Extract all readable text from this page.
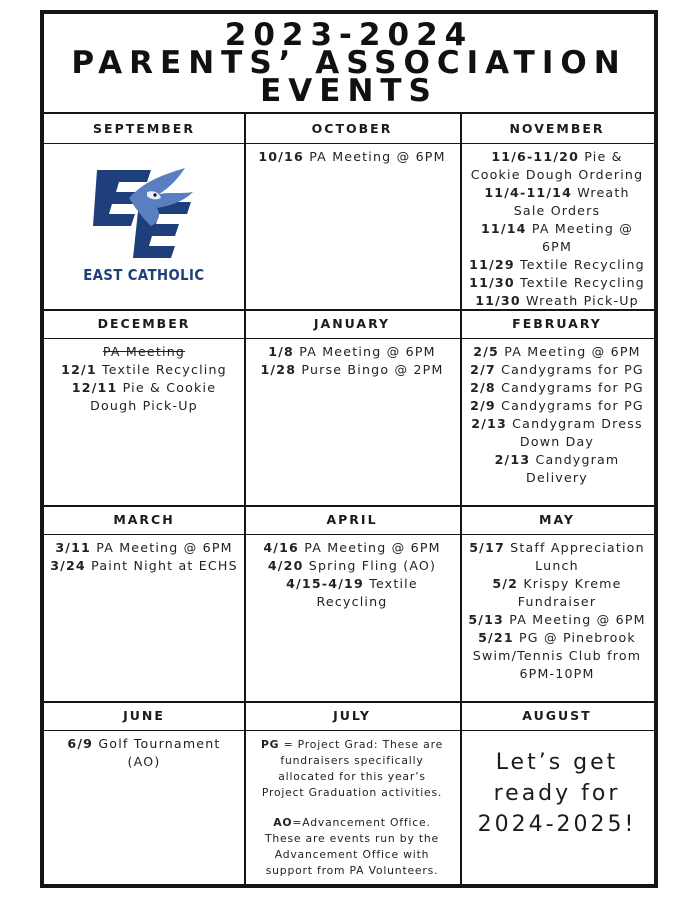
2023-2024
PARENTS’ ASSOCIATION
EVENTS
SEPTEMBER
EAST CATHOLIC
OCTOBER
10/16 PA Meeting @ 6PM
NOVEMBER
11/6-11/20 Pie & Cookie Dough Ordering
11/4-11/14 Wreath Sale Orders
11/14 PA Meeting @ 6PM
11/29 Textile Recycling
11/30 Textile Recycling
11/30 Wreath Pick-Up
DECEMBER
PA Meeting
12/1 Textile Recycling
12/11 Pie & Cookie Dough Pick-Up
JANUARY
1/8 PA Meeting @ 6PM
1/28 Purse Bingo @ 2PM
FEBRUARY
2/5 PA Meeting @ 6PM
2/7 Candygrams for PG
2/8 Candygrams for PG
2/9 Candygrams for PG
2/13 Candygram Dress Down Day
2/13 Candygram Delivery
MARCH
3/11 PA Meeting @ 6PM
3/24 Paint Night at ECHS
APRIL
4/16 PA Meeting @ 6PM
4/20 Spring Fling (AO)
4/15-4/19 Textile Recycling
MAY
5/17 Staff Appreciation Lunch
5/2 Krispy Kreme Fundraiser
5/13 PA Meeting @ 6PM
5/21 PG @ Pinebrook Swim/Tennis Club from 6PM-10PM
JUNE
6/9 Golf Tournament (AO)
JULY

PG = Project Grad: These are fundraisers specifically allocated for this year’s Project Graduation activities.

AO=Advancement Office. These are events run by the Advancement Office with support from PA Volunteers.

AUGUST
Let’s get ready for 2024-2025!
